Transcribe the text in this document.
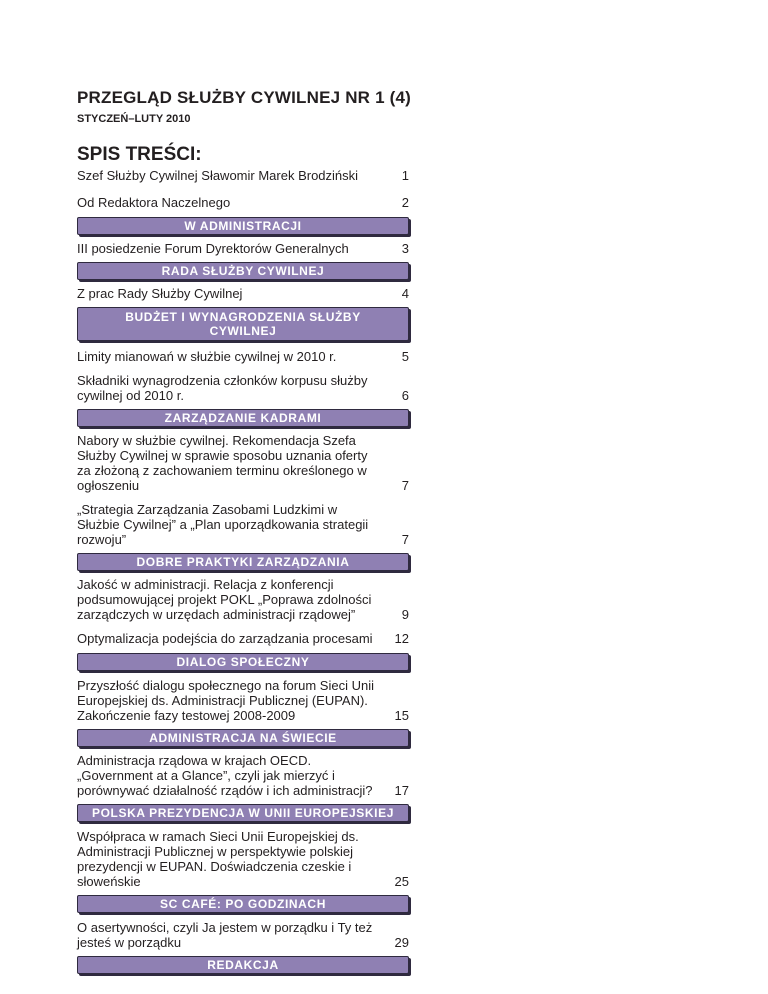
PRZEGLĄD SŁUŻBY CYWILNEJ NR 1 (4)
STYCZEŃ–LUTY 2010
SPIS TREŚCI:
Szef Służby Cywilnej Sławomir Marek Brodziński	1
Od Redaktora Naczelnego	2
W ADMINISTRACJI
III posiedzenie Forum Dyrektorów Generalnych	3
RADA SŁUŻBY CYWILNEJ
Z prac Rady Służby Cywilnej	4
BUDŻET I WYNAGRODZENIA SŁUŻBY CYWILNEJ
Limity mianowań w służbie cywilnej w 2010 r.	5
Składniki wynagrodzenia członków korpusu służby cywilnej od 2010 r.	6
ZARZĄDZANIE KADRAMI
Nabory w służbie cywilnej. Rekomendacja Szefa Służby Cywilnej w sprawie sposobu uznania oferty za złożoną z zachowaniem terminu określonego w ogłoszeniu	7
„Strategia Zarządzania Zasobami Ludzkimi w Służbie Cywilnej” a „Plan uporządkowania strategii rozwoju”	7
DOBRE PRAKTYKI ZARZĄDZANIA
Jakość w administracji. Relacja z konferencji podsumowującej projekt POKL „Poprawa zdolności zarządczych w urzędach administracji rządowej”	9
Optymalizacja podejścia do zarządzania procesami	12
DIALOG SPOŁECZNY
Przyszłość dialogu społecznego na forum Sieci Unii Europejskiej ds. Administracji Publicznej (EUPAN). Zakończenie fazy testowej 2008-2009	15
ADMINISTRACJA NA ŚWIECIE
Administracja rządowa w krajach OECD. „Government at a Glance”, czyli jak mierzyć i porównywać działalność rządów i ich administracji?	17
POLSKA PREZYDENCJA W UNII EUROPEJSKIEJ
Współpraca w ramach Sieci Unii Europejskiej ds. Administracji Publicznej w perspektywie polskiej prezydencji w EUPAN. Doświadczenia czeskie i słoweńskie	25
SC CAFÉ: PO GODZINACH
O asertywności, czyli Ja jestem w porządku i Ty też jesteś w porządku	29
REDAKCJA
